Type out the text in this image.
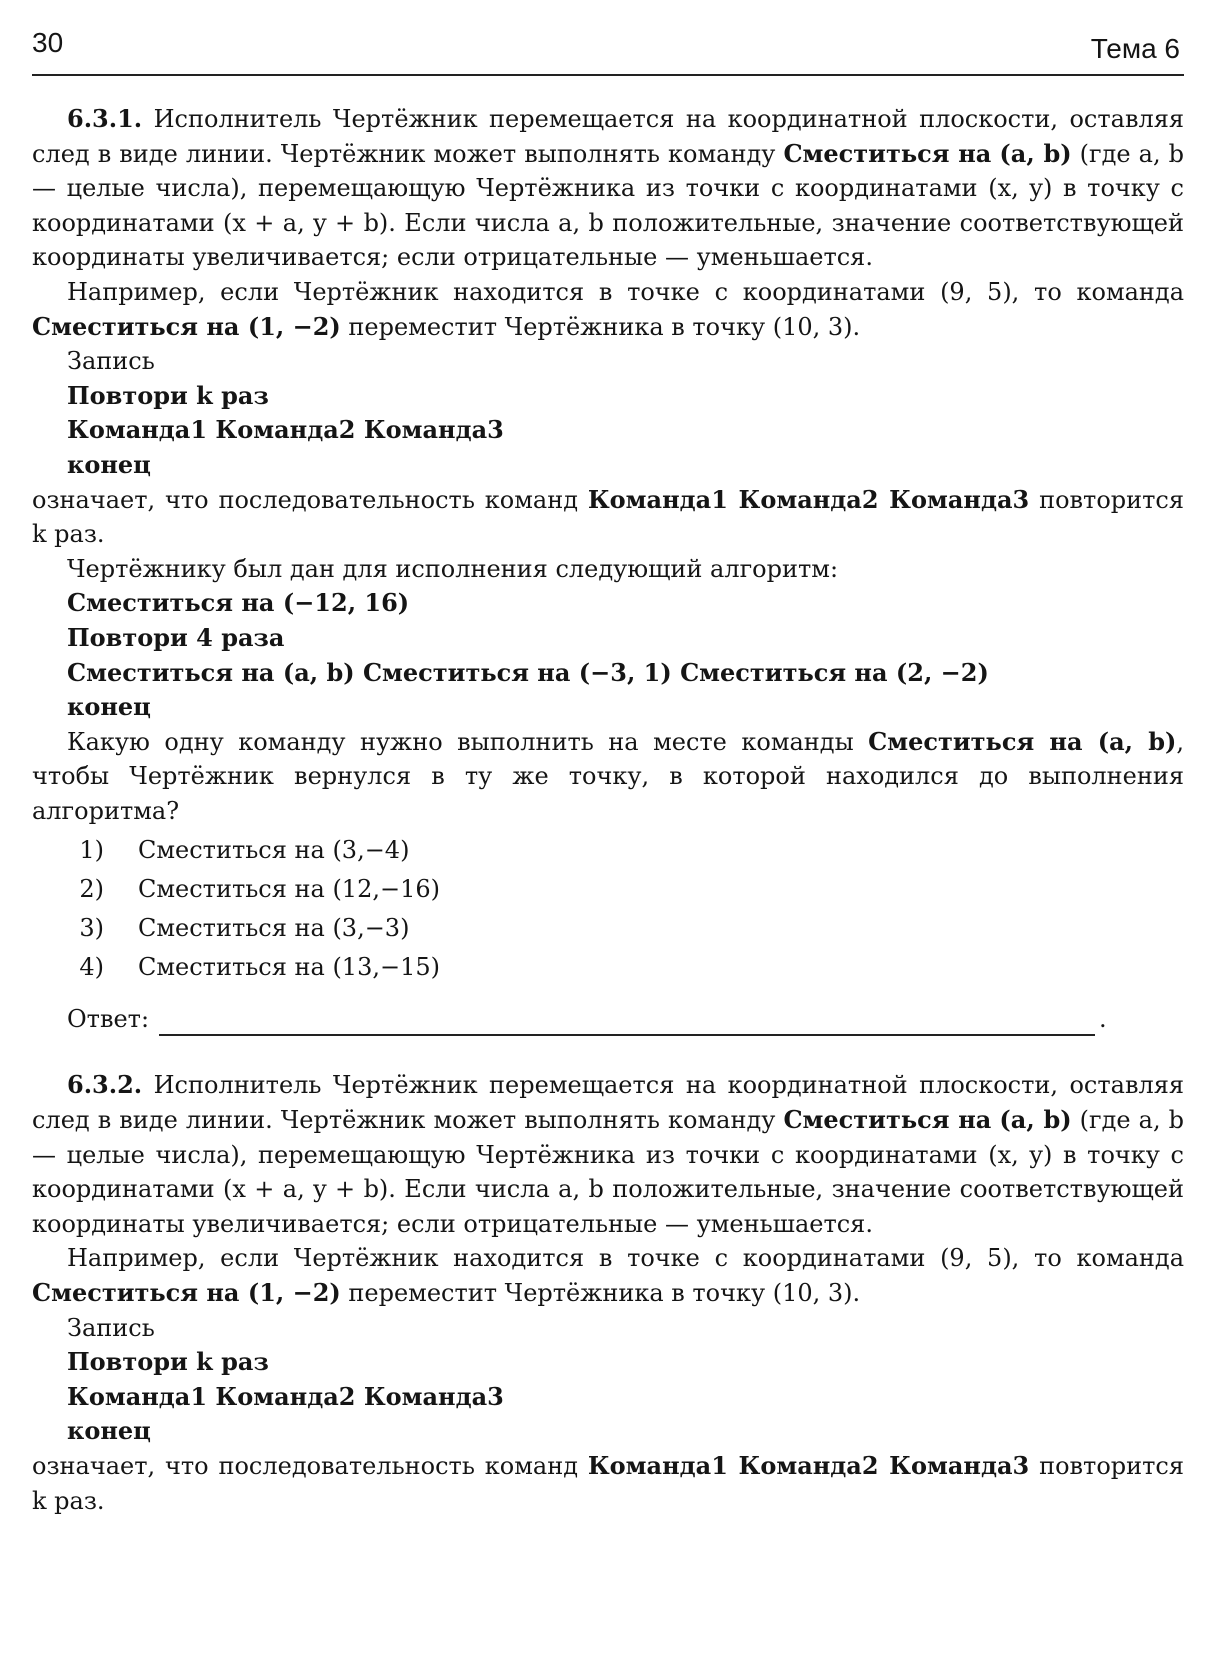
30	Тема 6

6.3.1. Исполнитель Чертёжник перемещается на координатной плоскости, оставляя след в виде линии. Чертёжник может выполнять команду Сместиться на (a, b) (где a, b — целые числа), перемещающую Чертёжника из точки с координатами (x, y) в точку с координатами (x + a, y + b). Если числа a, b положительные, значение соответствующей координаты увеличивается; если отрицательные — уменьшается.

Например, если Чертёжник находится в точке с координатами (9, 5), то команда Сместиться на (1, −2) переместит Чертёжника в точку (10, 3).

Запись

Повтори k раз

Команда1 Команда2 Команда3

конец

означает, что последовательность команд Команда1 Команда2 Команда3 повторится k раз.

Чертёжнику был дан для исполнения следующий алгоритм:

Сместиться на (−12, 16)

Повтори 4 раза

Сместиться на (a, b) Сместиться на (−3, 1) Сместиться на (2, −2)

конец

Какую одну команду нужно выполнить на месте команды Сместиться на (a, b), чтобы Чертёжник вернулся в ту же точку, в которой находился до выполнения алгоритма?

1) Сместиться на (3,−4)
2) Сместиться на (12,−16)
3) Сместиться на (3,−3)
4) Сместиться на (13,−15)
Ответ:	.

6.3.2. Исполнитель Чертёжник перемещается на координатной плоскости, оставляя след в виде линии. Чертёжник может выполнять команду Сместиться на (a, b) (где a, b — целые числа), перемещающую Чертёжника из точки с координатами (x, y) в точку с координатами (x + a, y + b). Если числа a, b положительные, значение соответствующей координаты увеличивается; если отрицательные — уменьшается.

Например, если Чертёжник находится в точке с координатами (9, 5), то команда Сместиться на (1, −2) переместит Чертёжника в точку (10, 3).

Запись

Повтори k раз

Команда1 Команда2 Команда3

конец

означает, что последовательность команд Команда1 Команда2 Команда3 повторится k раз.
